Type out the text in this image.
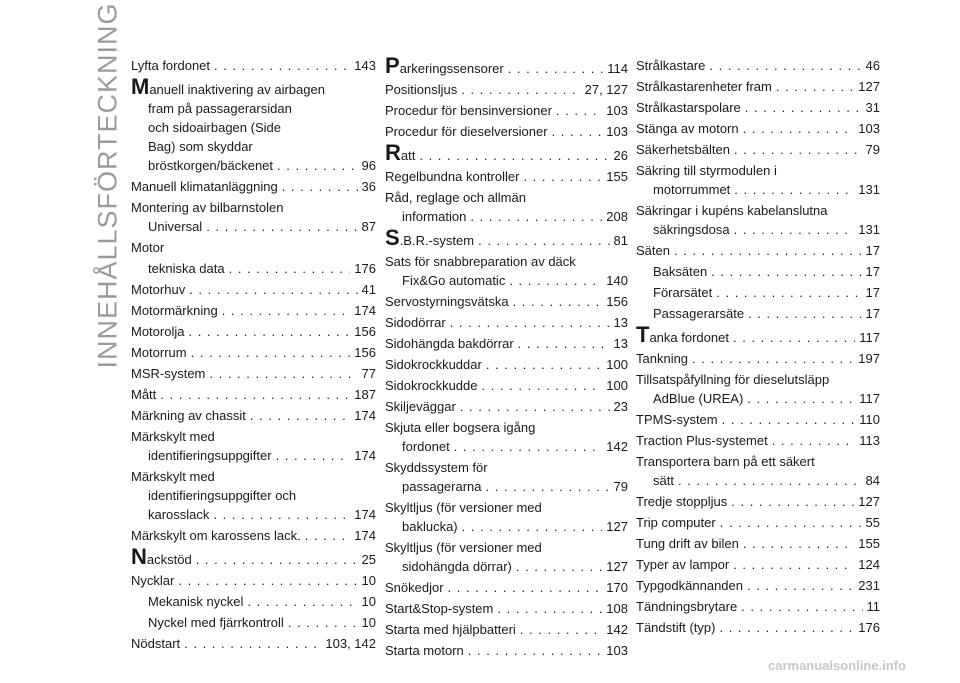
INNEHÅLLSFÖRTECKNING Lyfta fordonet . . .	143
Manuell inaktivering av airbagen
fram på passagerarsidan
och sidoairbagen (Side
Bag) som skyddar
bröstkorgen/bäckenet . . .	96
Manuell klimatanläggning . . .	36
Montering av bilbarnstolen
Universal . . .	87
Motor
tekniska data . . .	176
Motorhuv . . .	41
Motormärkning . . .	174
Motorolja . . .	156
Motorrum . . .	156
MSR-system . . .	77
Mått . . .	187
Märkning av chassit . . .	174
Märkskylt med
identifieringsuppgifter . . .	174
Märkskylt med
identifieringsuppgifter och
karosslack . . .	174
Märkskylt om karossens lack. . . .	174
Nackstöd . . .	25
Nycklar . . .	10
Mekanisk nyckel . . .	10
Nyckel med fjärrkontroll . . .	10
Nödstart . . .	103, 142
Parkeringssensorer . . .	114
Positionsljus . . .	27, 127
Procedur för bensinversioner . . .	103
Procedur för dieselversioner . . .	103
Ratt . . .	26
Regelbundna kontroller . . .	155
Råd, reglage och allmän
information . . .	208
S.B.R.-system . . .	81
Sats för snabbreparation av däck
Fix&Go automatic . . .	140
Servostyrningsvätska . . .	156
Sidodörrar . . .	13
Sidohängda bakdörrar . . .	13
Sidokrockkuddar . . .	100
Sidokrockkudde . . .	100
Skiljeväggar . . .	23
Skjuta eller bogsera igång
fordonet . . .	142
Skyddssystem för
passagerarna . . .	79
Skyltljus (för versioner med
baklucka) . . .	127
Skyltljus (för versioner med
sidohängda dörrar) . . .	127
Snökedjor . . .	170
Start&Stop-system . . .	108
Starta med hjälpbatteri . . .	142
Starta motorn . . .	103
Strålkastare . . .	46
Strålkastarenheter fram . . .	127
Strålkastarspolare . . .	31
Stänga av motorn . . .	103
Säkerhetsbälten . . .	79
Säkring till styrmodulen i
motorrummet . . .	131
Säkringar i kupéns kabelanslutna
säkringsdosa . . .	131
Säten . . .	17
Baksäten . . .	17
Förarsätet . . .	17
Passagerarsäte . . .	17
Tanka fordonet . . .	117
Tankning . . .	197
Tillsatspåfyllning för dieselutsläpp
AdBlue (UREA) . . .	117
TPMS-system . . .	110
Traction Plus-systemet . . .	113
Transportera barn på ett säkert
sätt . . .	84
Tredje stoppljus . . .	127
Trip computer . . .	55
Tung drift av bilen . . .	155
Typer av lampor . . .	124
Typgodkännanden . . .	231
Tändningsbrytare . . .	11
Tändstift (typ) . . .	176
carmanualsonline.info
